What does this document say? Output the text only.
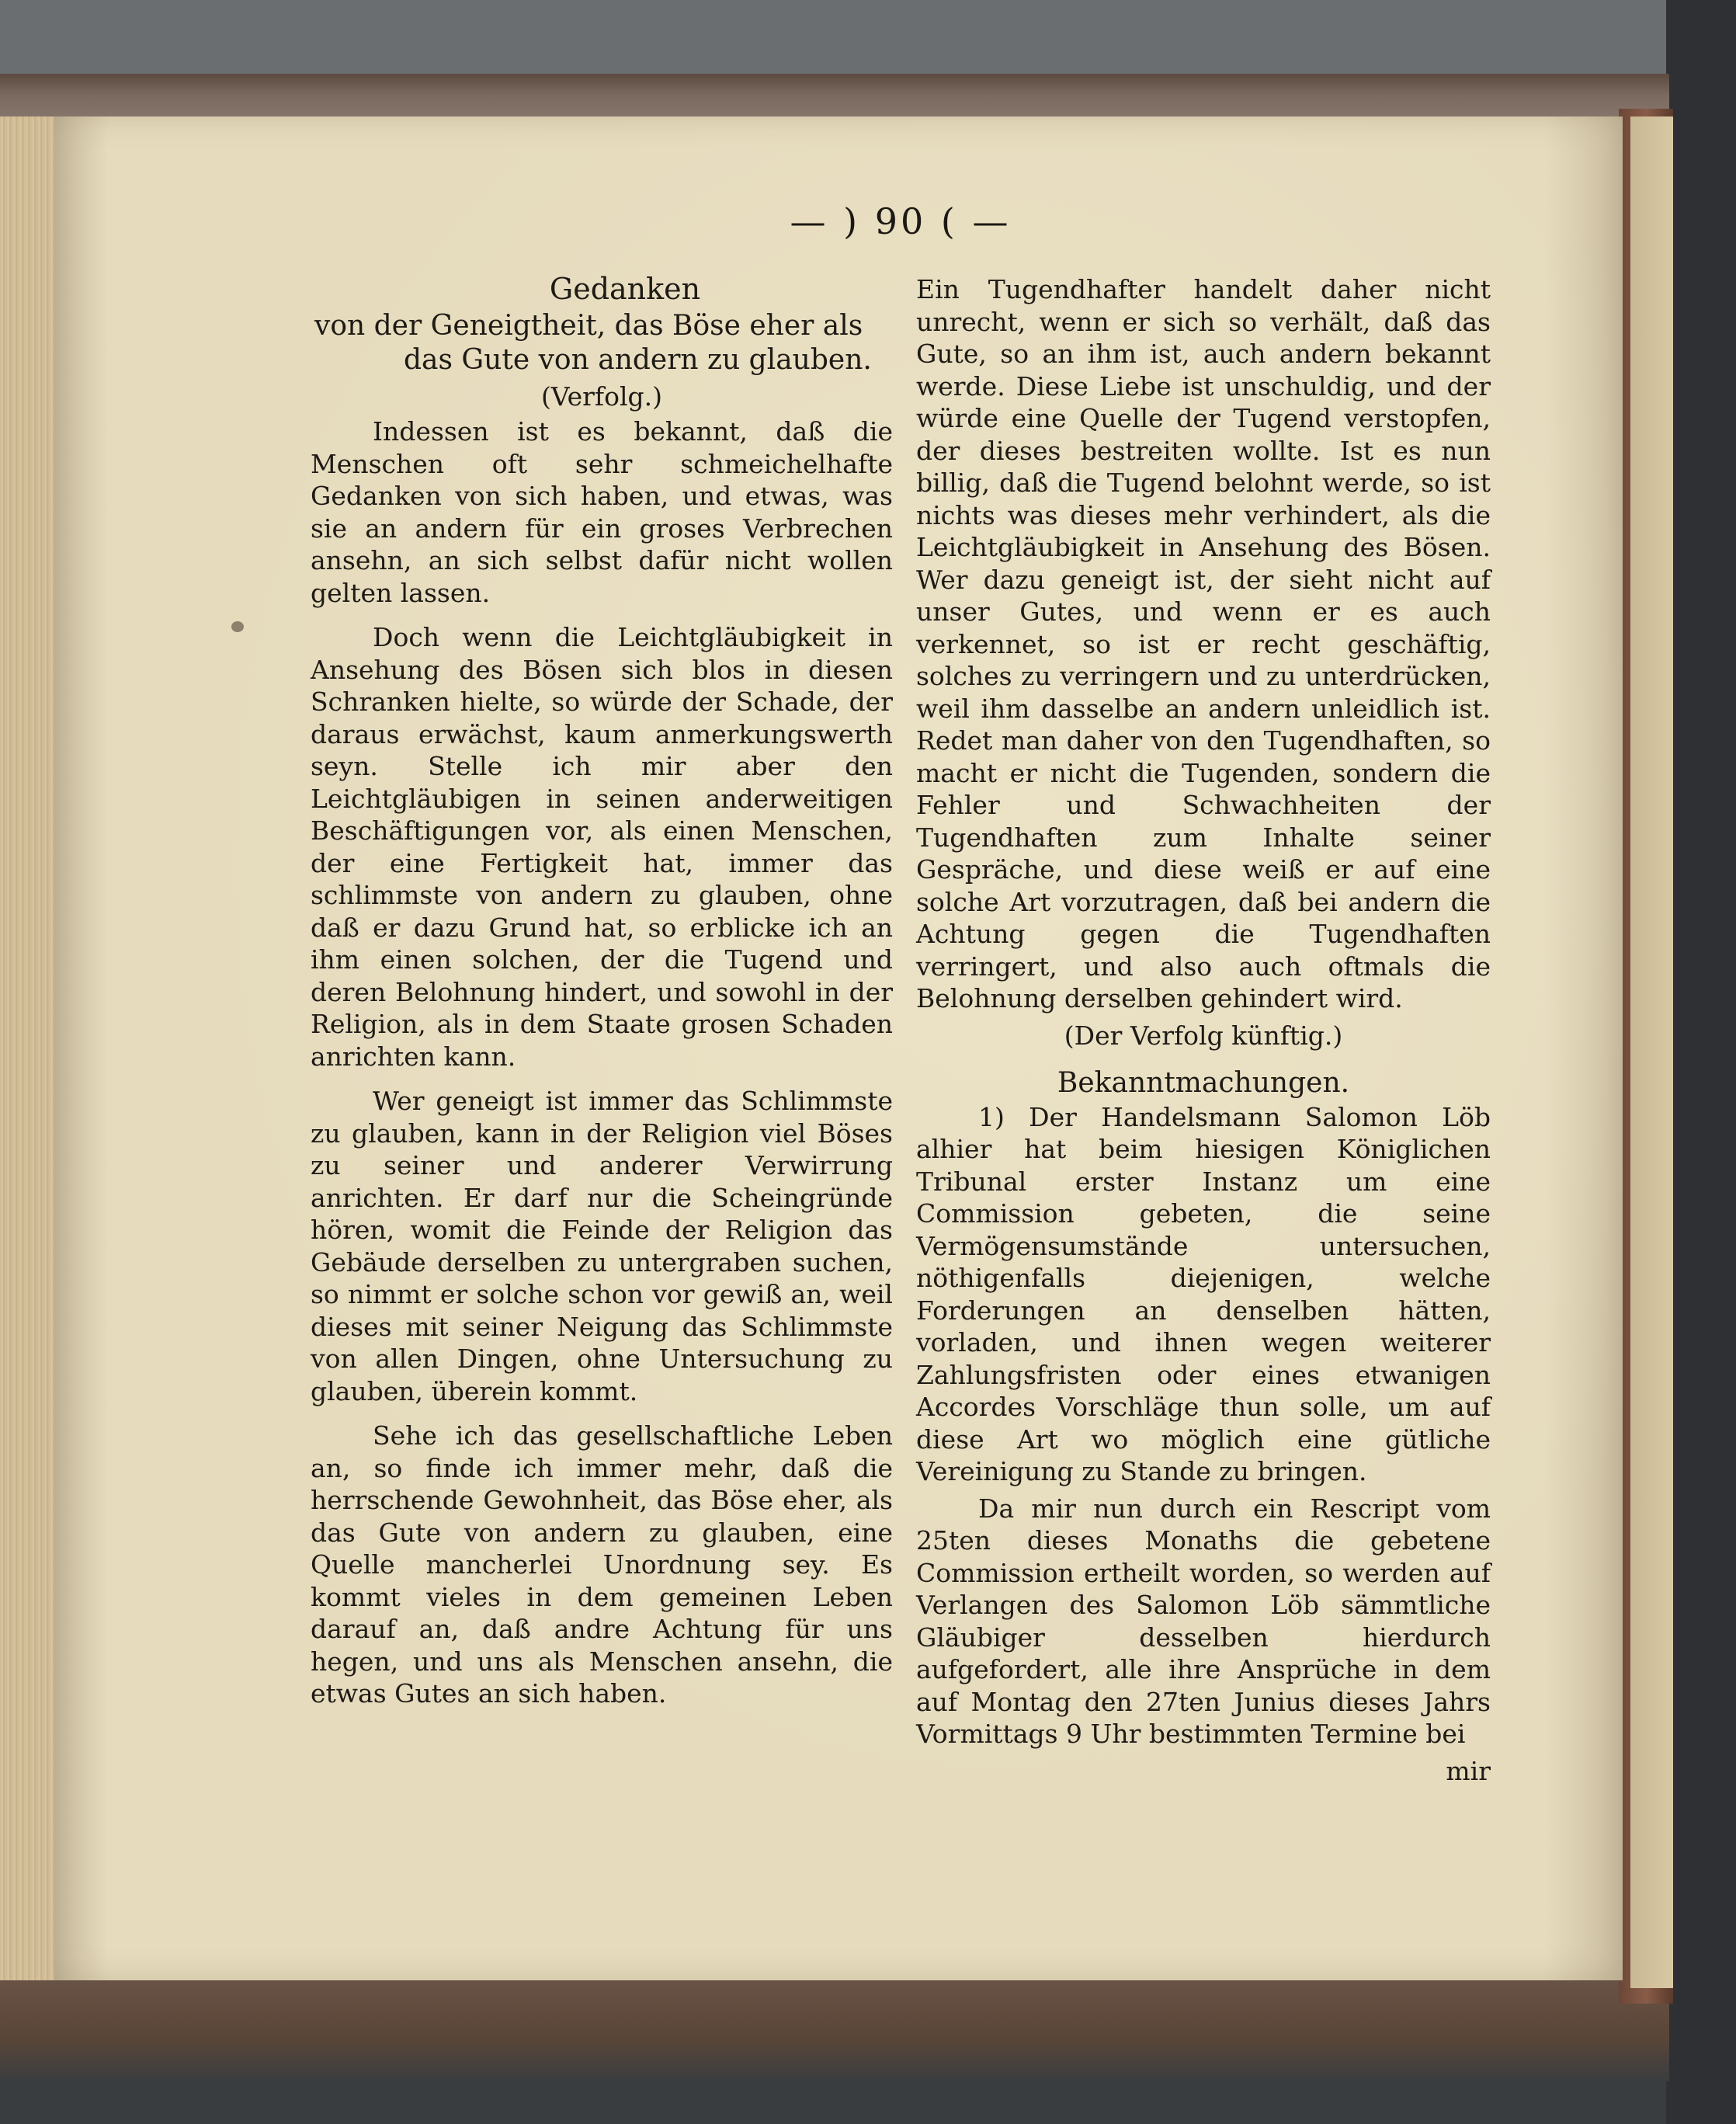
— ) 90 ( —
Gedanken

von der Geneigtheit, das Böse eher als das Gute von andern zu glauben.

(Verfolg.)

Indessen ist es bekannt, daß die Menschen oft sehr schmeichelhafte Gedanken von sich haben, und etwas, was sie an andern für ein groses Verbrechen ansehn, an sich selbst dafür nicht wollen gelten lassen.

Doch wenn die Leichtgläubigkeit in Ansehung des Bösen sich blos in diesen Schranken hielte, so würde der Schade, der daraus erwächst, kaum anmerkungswerth seyn. Stelle ich mir aber den Leichtgläubigen in seinen anderweitigen Beschäftigungen vor, als einen Menschen, der eine Fertigkeit hat, immer das schlimmste von andern zu glauben, ohne daß er dazu Grund hat, so erblicke ich an ihm einen solchen, der die Tugend und deren Belohnung hindert, und sowohl in der Religion, als in dem Staate grosen Schaden anrichten kann.

Wer geneigt ist immer das Schlimmste zu glauben, kann in der Religion viel Böses zu seiner und anderer Verwirrung anrichten. Er darf nur die Scheingründe hören, womit die Feinde der Religion das Gebäude derselben zu untergraben suchen, so nimmt er solche schon vor gewiß an, weil dieses mit seiner Neigung das Schlimmste von allen Dingen, ohne Untersuchung zu glauben, überein kommt.

Sehe ich das gesellschaftliche Leben an, so finde ich immer mehr, daß die herrschende Gewohnheit, das Böse eher, als das Gute von andern zu glauben, eine Quelle mancherlei Unordnung sey. Es kommt vieles in dem gemeinen Leben darauf an, daß andre Achtung für uns hegen, und uns als Menschen ansehn, die etwas Gutes an sich haben.

Ein Tugendhafter handelt daher nicht unrecht, wenn er sich so verhält, daß das Gute, so an ihm ist, auch andern bekannt werde. Diese Liebe ist unschuldig, und der würde eine Quelle der Tugend verstopfen, der dieses bestreiten wollte. Ist es nun billig, daß die Tugend belohnt werde, so ist nichts was dieses mehr verhindert, als die Leichtgläubigkeit in Ansehung des Bösen. Wer dazu geneigt ist, der sieht nicht auf unser Gutes, und wenn er es auch verkennet, so ist er recht geschäftig, solches zu verringern und zu unterdrücken, weil ihm dasselbe an andern unleidlich ist. Redet man daher von den Tugendhaften, so macht er nicht die Tugenden, sondern die Fehler und Schwachheiten der Tugendhaften zum Inhalte seiner Gespräche, und diese weiß er auf eine solche Art vorzutragen, daß bei andern die Achtung gegen die Tugendhaften verringert, und also auch oftmals die Belohnung derselben gehindert wird.

(Der Verfolg künftig.)
Bekanntmachungen.

1) Der Handelsmann Salomon Löb alhier hat beim hiesigen Königlichen Tribunal erster Instanz um eine Commission gebeten, die seine Vermögensumstände untersuchen, nöthigenfalls diejenigen, welche Forderungen an denselben hätten, vorladen, und ihnen wegen weiterer Zahlungsfristen oder eines etwanigen Accordes Vorschläge thun solle, um auf diese Art wo möglich eine gütliche Vereinigung zu Stande zu bringen.

Da mir nun durch ein Rescript vom 25ten dieses Monaths die gebetene Commission ertheilt worden, so werden auf Verlangen des Salomon Löb sämmtliche Gläubiger desselben hierdurch aufgefordert, alle ihre Ansprüche in dem auf Montag den 27ten Junius dieses Jahrs Vormittags 9 Uhr bestimmten Termine bei

mir
